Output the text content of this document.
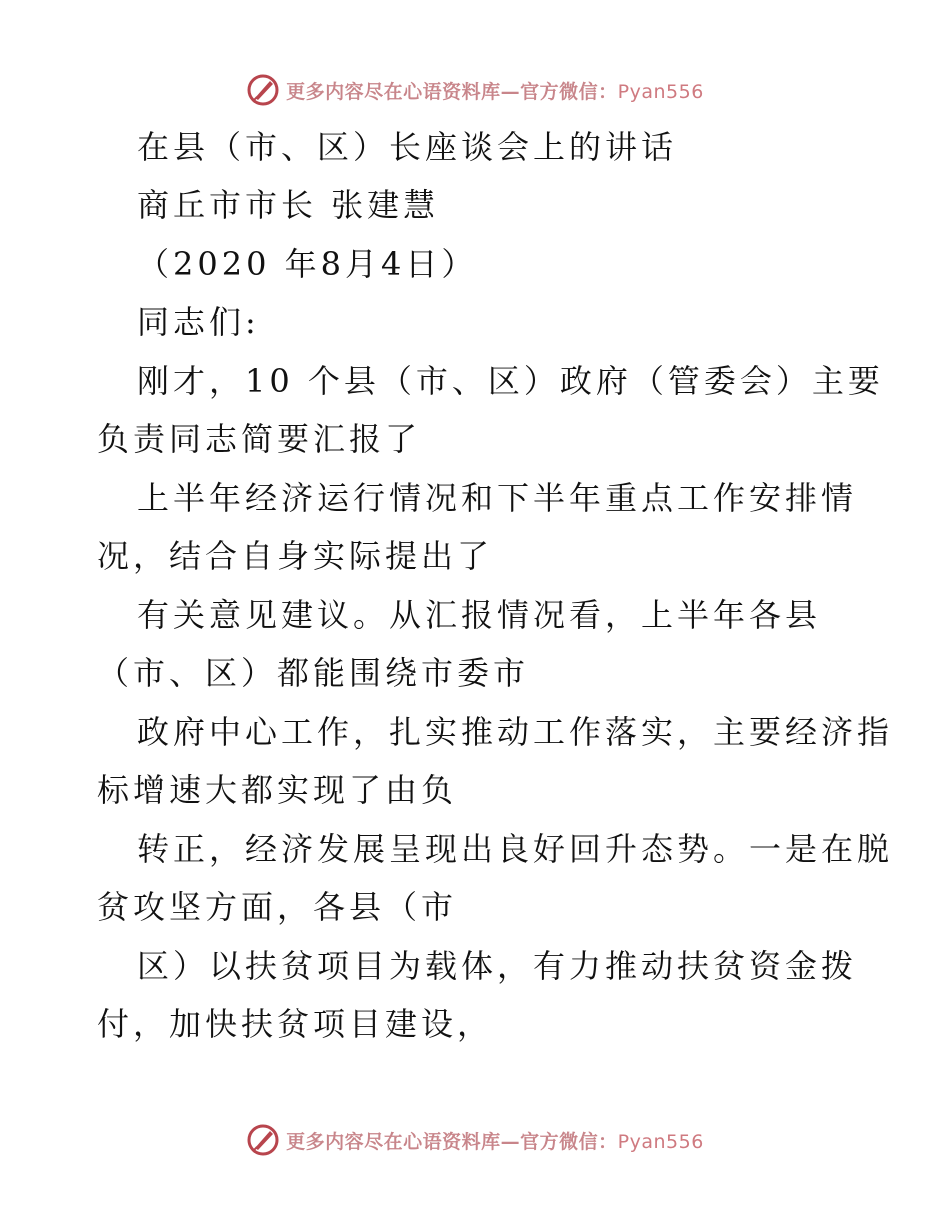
更多内容尽在心语资料库—官方微信：Pyan556
在县（市、区）长座谈会上的讲话
商丘市市长 张建慧
（2020 年8月4日）
同志们:
刚才，10 个县（市、区）政府（管委会）主要
负责同志简要汇报了
上半年经济运行情况和下半年重点工作安排情
况，结合自身实际提出了
有关意见建议。从汇报情况看，上半年各县
（市、区）都能围绕市委市
政府中心工作，扎实推动工作落实，主要经济指
标增速大都实现了由负
转正，经济发展呈现出良好回升态势。一是在脱
贫攻坚方面，各县（市
区）以扶贫项目为载体，有力推动扶贫资金拨
付，加快扶贫项目建设，
更多内容尽在心语资料库—官方微信：Pyan556
